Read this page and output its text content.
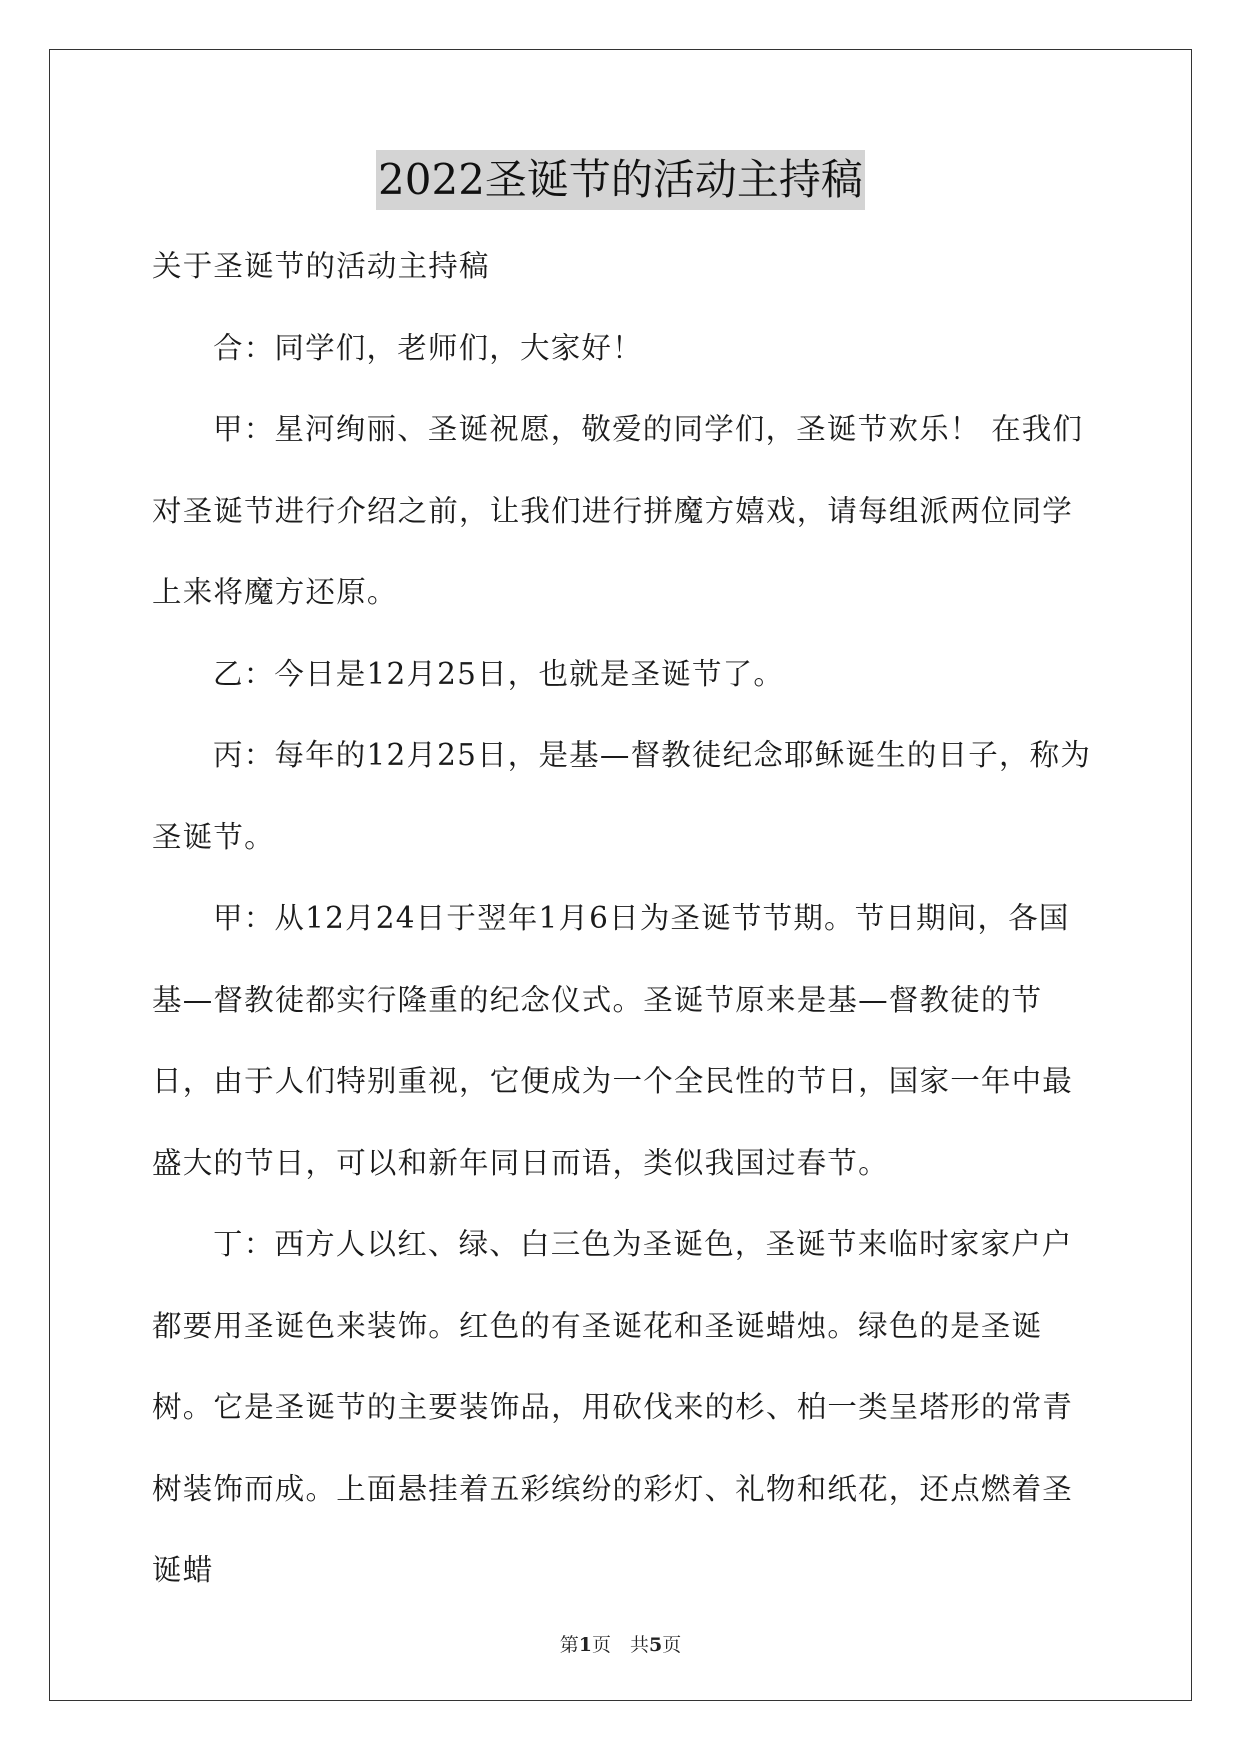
2022圣诞节的活动主持稿

关于圣诞节的活动主持稿

合：同学们，老师们，大家好！

甲：星河绚丽、圣诞祝愿，敬爱的同学们，圣诞节欢乐！ 在我们对圣诞节进行介绍之前，让我们进行拼魔方嬉戏，请每组派两位同学上来将魔方还原。

乙：今日是12月25日，也就是圣诞节了。

丙：每年的12月25日，是基—督教徒纪念耶稣诞生的日子，称为圣诞节。

甲：从12月24日于翌年1月6日为圣诞节节期。节日期间，各国基—督教徒都实行隆重的纪念仪式。圣诞节原来是基—督教徒的节日，由于人们特别重视，它便成为一个全民性的节日，国家一年中最盛大的节日，可以和新年同日而语，类似我国过春节。

丁：西方人以红、绿、白三色为圣诞色，圣诞节来临时家家户户都要用圣诞色来装饰。红色的有圣诞花和圣诞蜡烛。绿色的是圣诞树。它是圣诞节的主要装饰品，用砍伐来的杉、柏一类呈塔形的常青树装饰而成。上面悬挂着五彩缤纷的彩灯、礼物和纸花，还点燃着圣诞蜡

第1页　共5页
